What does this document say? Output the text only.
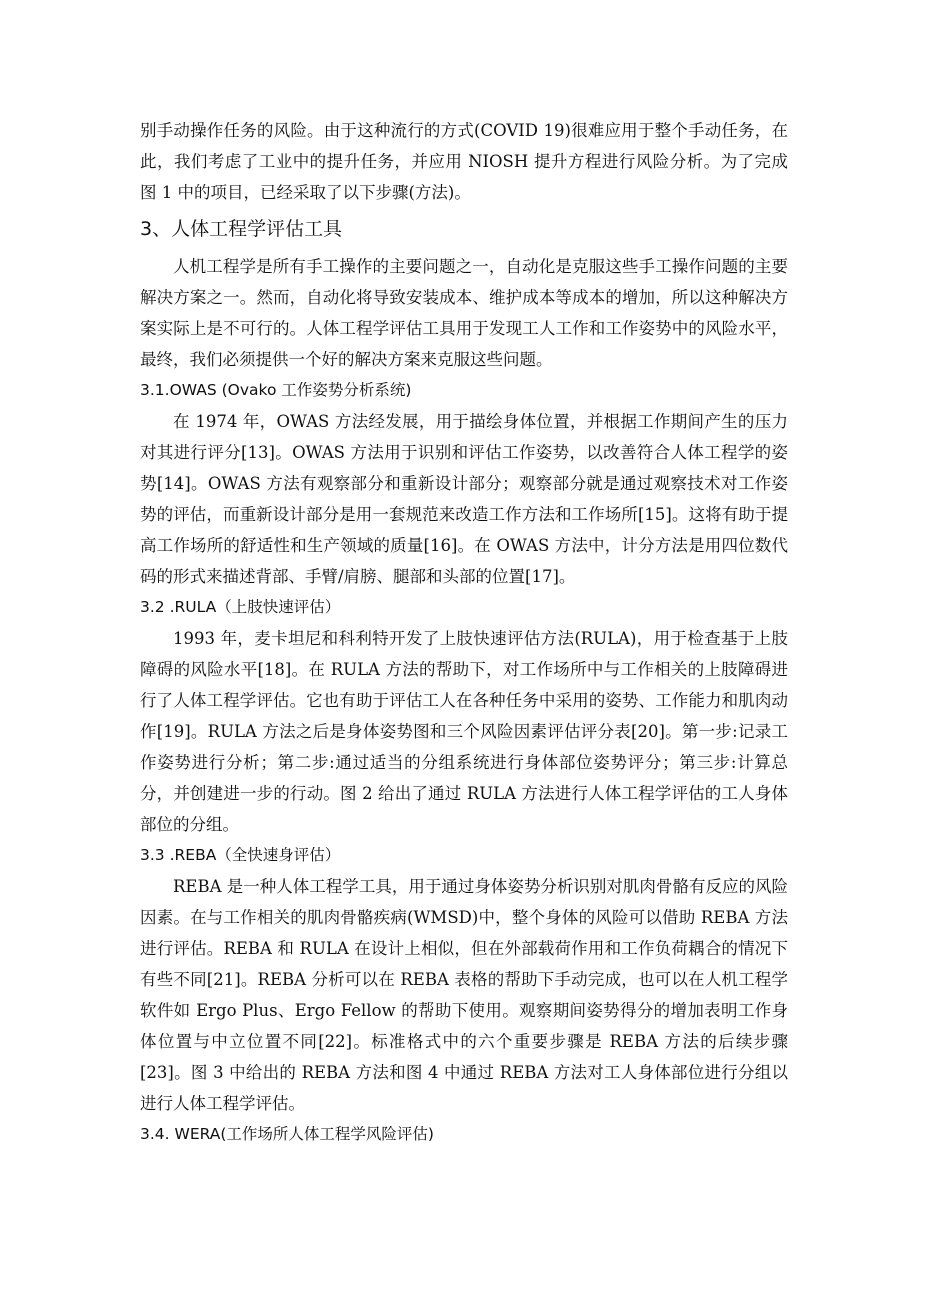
别手动操作任务的风险。由于这种流行的方式(COVID 19)很难应用于整个手动任务，在此，我们考虑了工业中的提升任务，并应用 NIOSH 提升方程进行风险分析。为了完成图 1 中的项目，已经采取了以下步骤(方法)。

3、人体工程学评估工具

人机工程学是所有手工操作的主要问题之一，自动化是克服这些手工操作问题的主要解决方案之一。然而，自动化将导致安装成本、维护成本等成本的增加，所以这种解决方案实际上是不可行的。人体工程学评估工具用于发现工人工作和工作姿势中的风险水平，最终，我们必须提供一个好的解决方案来克服这些问题。

3.1.OWAS (Ovako 工作姿势分析系统)

在 1974 年，OWAS 方法经发展，用于描绘身体位置，并根据工作期间产生的压力对其进行评分[13]。OWAS 方法用于识别和评估工作姿势，以改善符合人体工程学的姿势[14]。OWAS 方法有观察部分和重新设计部分；观察部分就是通过观察技术对工作姿势的评估，而重新设计部分是用一套规范来改造工作方法和工作场所[15]。这将有助于提高工作场所的舒适性和生产领域的质量[16]。在 OWAS 方法中，计分方法是用四位数代码的形式来描述背部、手臂/肩膀、腿部和头部的位置[17]。

3.2 .RULA（上肢快速评估）

1993 年，麦卡坦尼和科利特开发了上肢快速评估方法(RULA)，用于检查基于上肢障碍的风险水平[18]。在 RULA 方法的帮助下，对工作场所中与工作相关的上肢障碍进行了人体工程学评估。它也有助于评估工人在各种任务中采用的姿势、工作能力和肌肉动作[19]。RULA 方法之后是身体姿势图和三个风险因素评估评分表[20]。第一步:记录工作姿势进行分析；第二步:通过适当的分组系统进行身体部位姿势评分；第三步:计算总分，并创建进一步的行动。图 2 给出了通过 RULA 方法进行人体工程学评估的工人身体部位的分组。

3.3 .REBA（全快速身评估）

REBA 是一种人体工程学工具，用于通过身体姿势分析识别对肌肉骨骼有反应的风险因素。在与工作相关的肌肉骨骼疾病(WMSD)中，整个身体的风险可以借助 REBA 方法进行评估。REBA 和 RULA 在设计上相似，但在外部载荷作用和工作负荷耦合的情况下有些不同[21]。REBA 分析可以在 REBA 表格的帮助下手动完成，也可以在人机工程学软件如 Ergo Plus、Ergo Fellow 的帮助下使用。观察期间姿势得分的增加表明工作身体位置与中立位置不同[22]。标准格式中的六个重要步骤是 REBA 方法的后续步骤[23]。图 3 中给出的 REBA 方法和图 4 中通过 REBA 方法对工人身体部位进行分组以进行人体工程学评估。

3.4. WERA(工作场所人体工程学风险评估)
